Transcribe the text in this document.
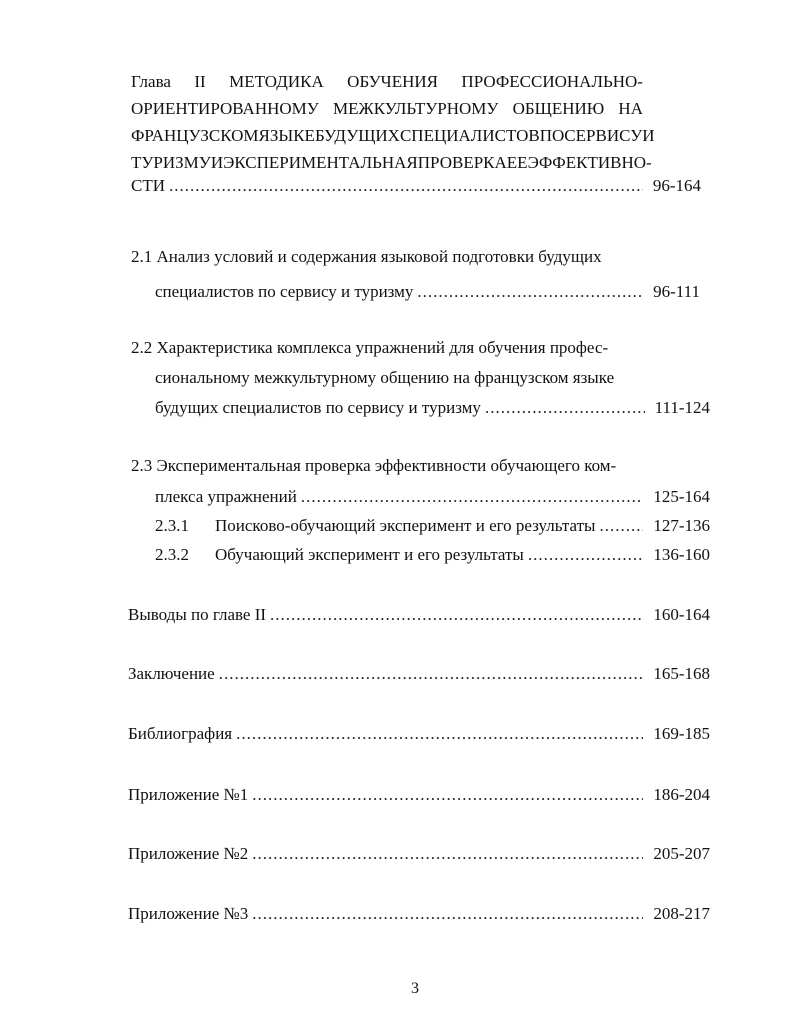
Глава II МЕТОДИКА ОБУЧЕНИЯ ПРОФЕССИОНАЛЬНО-
ОРИЕНТИРОВАННОМУ МЕЖКУЛЬТУРНОМУ ОБЩЕНИЮ НА
ФРАНЦУЗСКОМ ЯЗЫКЕ БУДУЩИХ СПЕЦИАЛИСТОВ ПО СЕРВИСУ И
ТУРИЗМУ И ЭКСПЕРИМЕНТАЛЬНАЯ ПРОВЕРКА ЕЕ ЭФФЕКТИВНО-
СТИ .....	96-164
2.1 Анализ условий и содержания языковой подготовки будущих
специалистов по сервису и туризму .....	96-111
2.2 Характеристика комплекса упражнений для обучения профес-
сиональному межкультурному общению на французском языке
будущих специалистов по сервису и туризму .....	111-124
2.3 Экспериментальная проверка эффективности обучающего ком-
плекса упражнений .....	125-164
2.3.1	Поисково-обучающий эксперимент и его результаты .....	127-136
2.3.2	Обучающий эксперимент и его результаты .....	136-160
Выводы по главе II .....	160-164
Заключение .....	165-168
Библиография .....	169-185
Приложение №1 .....	186-204
Приложение №2 .....	205-207
Приложение №3 .....	208-217
3
